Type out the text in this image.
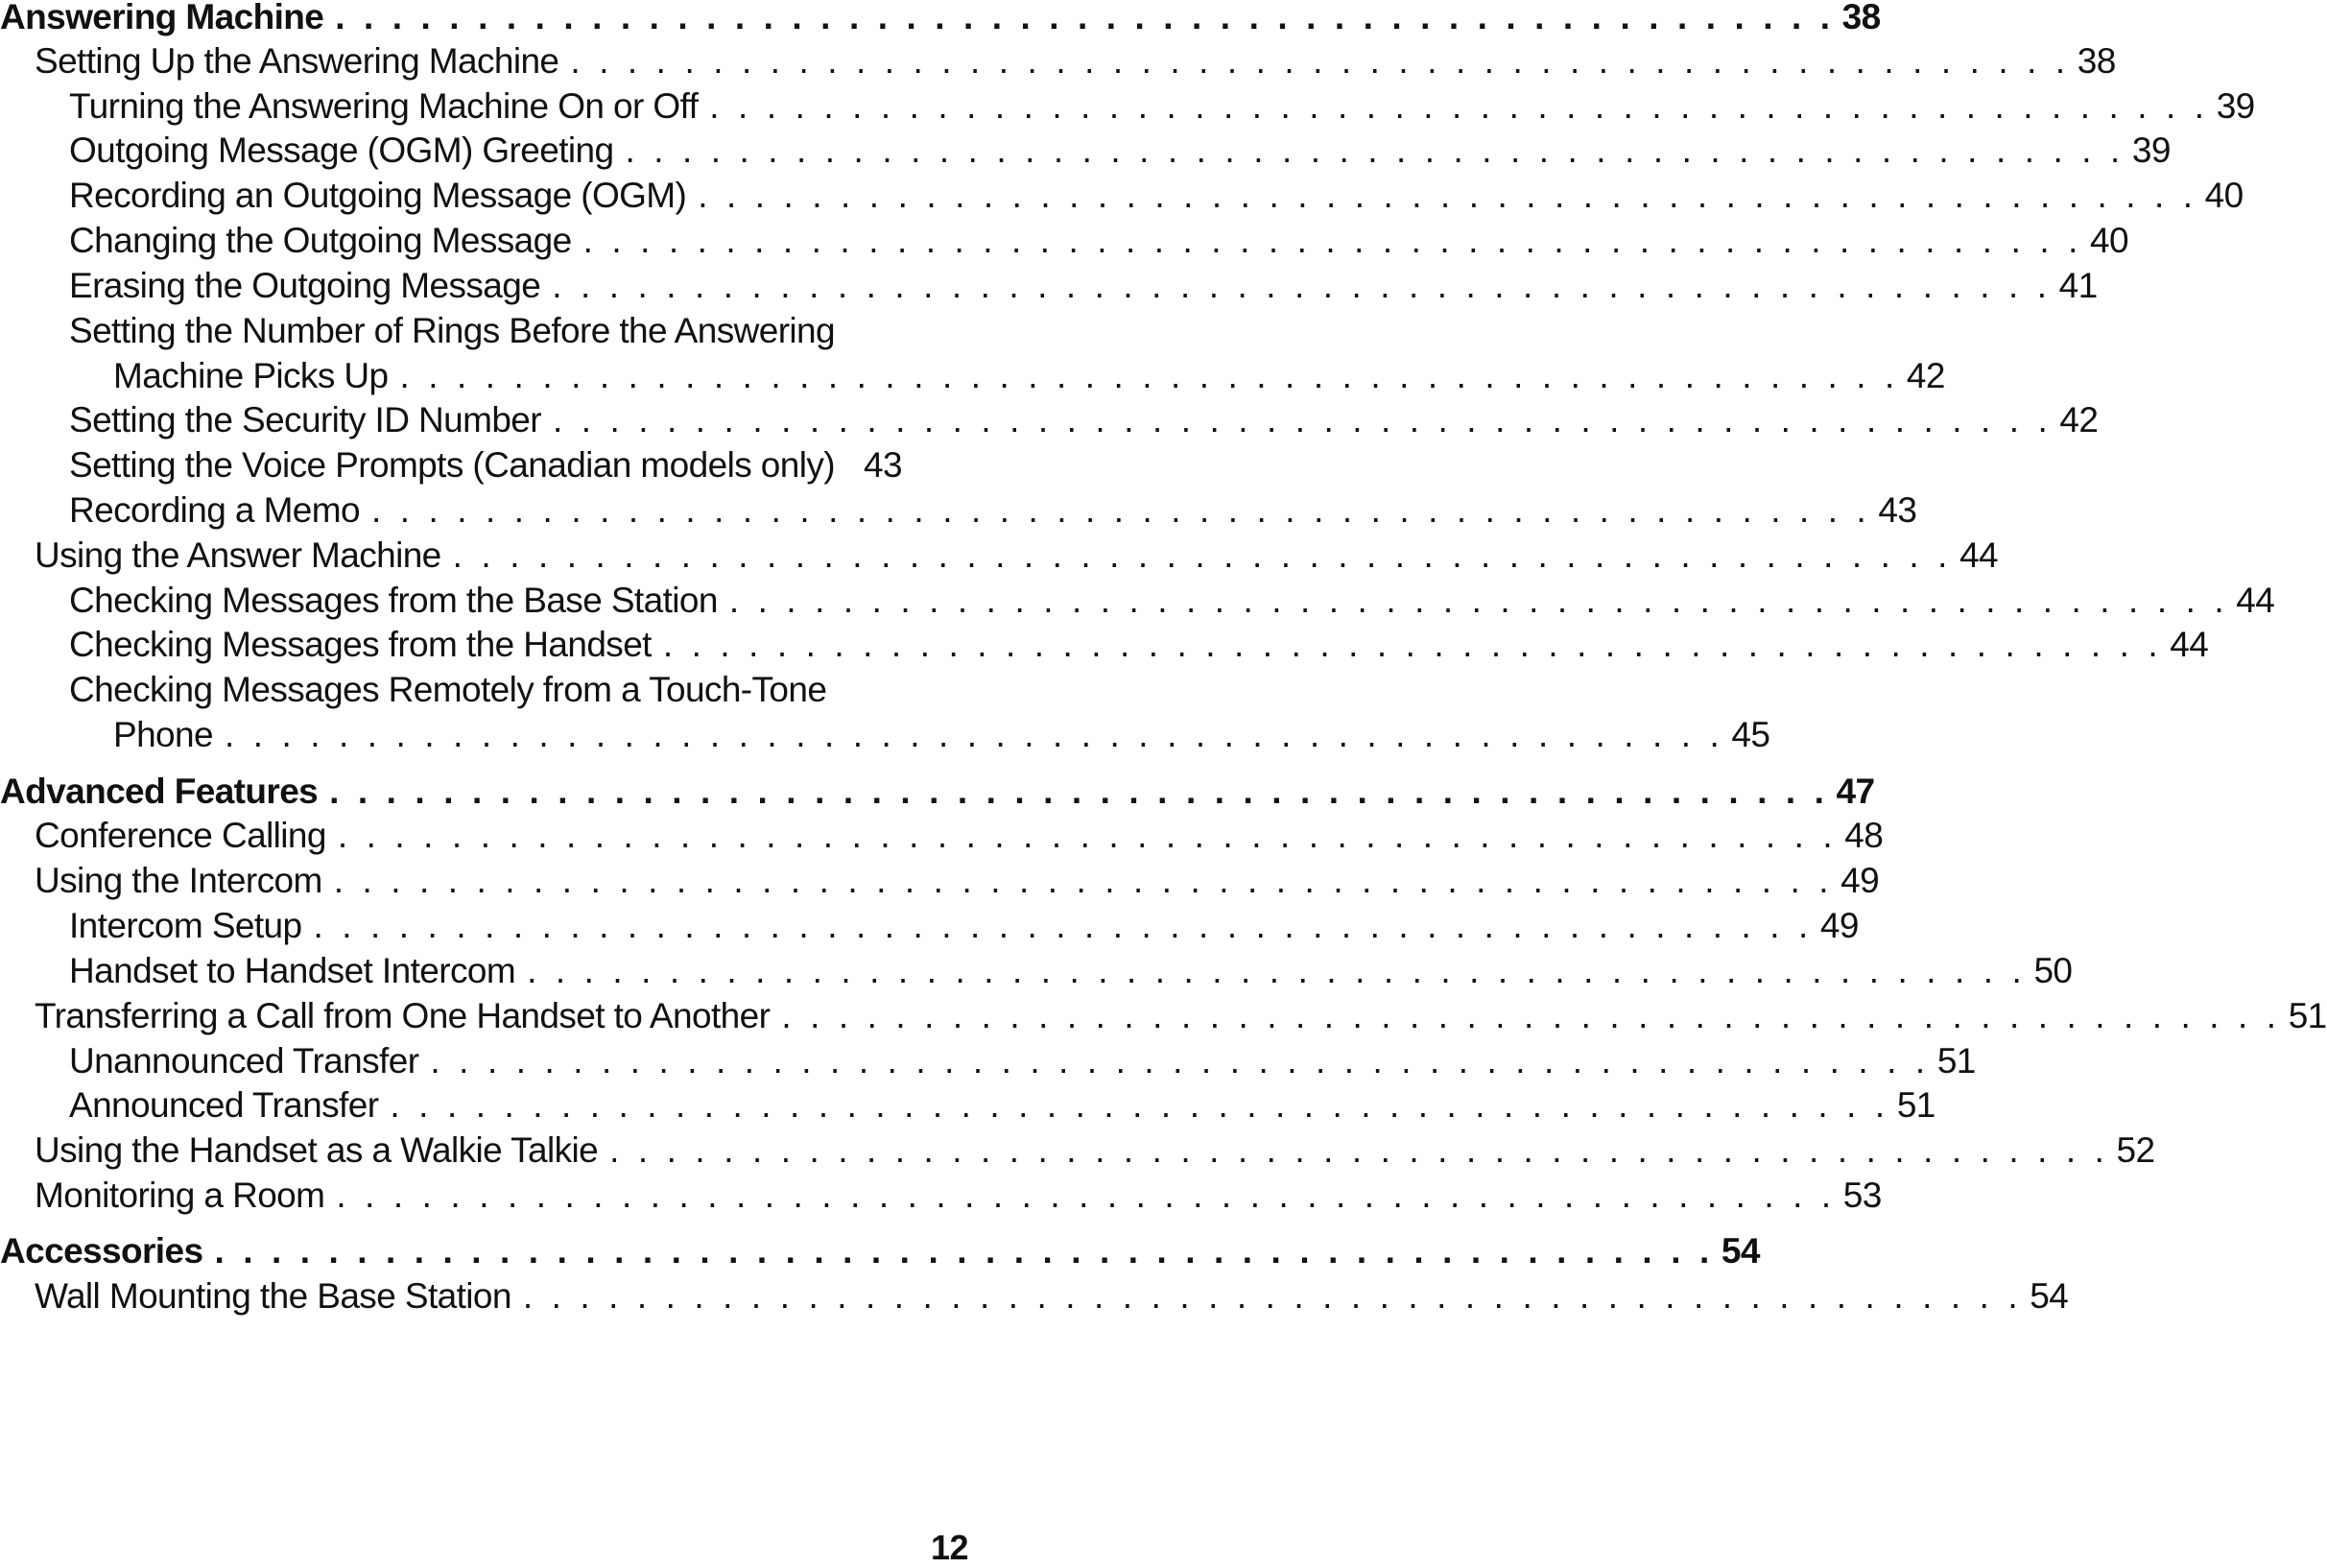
Answering Machine . . . . . . . . . . . . . . . . . . . . . . . . . . . . . . . . . . . . . . . . . . . . . . . . . . . . . 38
Setting Up the Answering Machine . . . . . . . . . . . . . . . . . . . . . . . . . . . . . . . . . . . . . . . . . . . . . . . . . . . . . 38
Turning the Answering Machine On or Off . . . . . . . . . . . . . . . . . . . . . . . . . . . . . . . . . . . . . . . . . . . . . . . . . . . . . 39
Outgoing Message (OGM) Greeting . . . . . . . . . . . . . . . . . . . . . . . . . . . . . . . . . . . . . . . . . . . . . . . . . . . . . 39
Recording an Outgoing Message (OGM) . . . . . . . . . . . . . . . . . . . . . . . . . . . . . . . . . . . . . . . . . . . . . . . . . . . . . 40
Changing the Outgoing Message . . . . . . . . . . . . . . . . . . . . . . . . . . . . . . . . . . . . . . . . . . . . . . . . . . . . . 40
Erasing the Outgoing Message . . . . . . . . . . . . . . . . . . . . . . . . . . . . . . . . . . . . . . . . . . . . . . . . . . . . . 41
Setting the Number of Rings Before the Answering
Machine Picks Up . . . . . . . . . . . . . . . . . . . . . . . . . . . . . . . . . . . . . . . . . . . . . . . . . . . . . 42
Setting the Security ID Number . . . . . . . . . . . . . . . . . . . . . . . . . . . . . . . . . . . . . . . . . . . . . . . . . . . . . 42
Setting the Voice Prompts (Canadian models only) 43
Recording a Memo . . . . . . . . . . . . . . . . . . . . . . . . . . . . . . . . . . . . . . . . . . . . . . . . . . . . . 43
Using the Answer Machine . . . . . . . . . . . . . . . . . . . . . . . . . . . . . . . . . . . . . . . . . . . . . . . . . . . . . 44
Checking Messages from the Base Station . . . . . . . . . . . . . . . . . . . . . . . . . . . . . . . . . . . . . . . . . . . . . . . . . . . . . 44
Checking Messages from the Handset . . . . . . . . . . . . . . . . . . . . . . . . . . . . . . . . . . . . . . . . . . . . . . . . . . . . . 44
Checking Messages Remotely from a Touch-Tone
Phone . . . . . . . . . . . . . . . . . . . . . . . . . . . . . . . . . . . . . . . . . . . . . . . . . . . . . 45
Advanced Features . . . . . . . . . . . . . . . . . . . . . . . . . . . . . . . . . . . . . . . . . . . . . . . . . . . . . 47
Conference Calling . . . . . . . . . . . . . . . . . . . . . . . . . . . . . . . . . . . . . . . . . . . . . . . . . . . . . 48
Using the Intercom . . . . . . . . . . . . . . . . . . . . . . . . . . . . . . . . . . . . . . . . . . . . . . . . . . . . . 49
Intercom Setup . . . . . . . . . . . . . . . . . . . . . . . . . . . . . . . . . . . . . . . . . . . . . . . . . . . . . 49
Handset to Handset Intercom . . . . . . . . . . . . . . . . . . . . . . . . . . . . . . . . . . . . . . . . . . . . . . . . . . . . . 50
Transferring a Call from One Handset to Another . . . . . . . . . . . . . . . . . . . . . . . . . . . . . . . . . . . . . . . . . . . . . . . . . . . . . 51
Unannounced Transfer . . . . . . . . . . . . . . . . . . . . . . . . . . . . . . . . . . . . . . . . . . . . . . . . . . . . . 51
Announced Transfer . . . . . . . . . . . . . . . . . . . . . . . . . . . . . . . . . . . . . . . . . . . . . . . . . . . . . 51
Using the Handset as a Walkie Talkie . . . . . . . . . . . . . . . . . . . . . . . . . . . . . . . . . . . . . . . . . . . . . . . . . . . . . 52
Monitoring a Room . . . . . . . . . . . . . . . . . . . . . . . . . . . . . . . . . . . . . . . . . . . . . . . . . . . . . 53
Accessories . . . . . . . . . . . . . . . . . . . . . . . . . . . . . . . . . . . . . . . . . . . . . . . . . . . . . 54
Wall Mounting the Base Station . . . . . . . . . . . . . . . . . . . . . . . . . . . . . . . . . . . . . . . . . . . . . . . . . . . . . 54
12
